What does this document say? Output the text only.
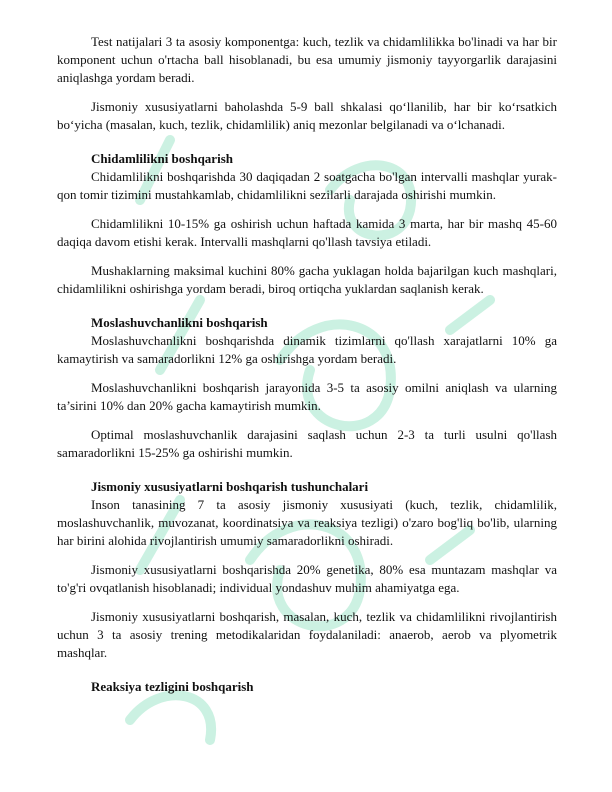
Test natijalari 3 ta asosiy komponentga: kuch, tezlik va chidamlilikka bo'linadi va har bir komponent uchun o'rtacha ball hisoblanadi, bu esa umumiy jismoniy tayyorgarlik darajasini aniqlashga yordam beradi.

Jismoniy xususiyatlarni baholashda 5-9 ball shkalasi qo‘llanilib, har bir ko‘rsatkich bo‘yicha (masalan, kuch, tezlik, chidamlilik) aniq mezonlar belgilanadi va o‘lchanadi.

Chidamlilikni boshqarish

Chidamlilikni boshqarishda 30 daqiqadan 2 soatgacha bo'lgan intervalli mashqlar yurak-qon tomir tizimini mustahkamlab, chidamlilikni sezilarli darajada oshirishi mumkin.

Chidamlilikni 10-15% ga oshirish uchun haftada kamida 3 marta, har bir mashq 45-60 daqiqa davom etishi kerak. Intervalli mashqlarni qo'llash tavsiya etiladi.

Mushaklarning maksimal kuchini 80% gacha yuklagan holda bajarilgan kuch mashqlari, chidamlilikni oshirishga yordam beradi, biroq ortiqcha yuklardan saqlanish kerak.

Moslashuvchanlikni boshqarish

Moslashuvchanlikni boshqarishda dinamik tizimlarni qo'llash xarajatlarni 10% ga kamaytirish va samaradorlikni 12% ga oshirishga yordam beradi.

Moslashuvchanlikni boshqarish jarayonida 3-5 ta asosiy omilni aniqlash va ularning ta’sirini 10% dan 20% gacha kamaytirish mumkin.

Optimal moslashuvchanlik darajasini saqlash uchun 2-3 ta turli usulni qo'llash samaradorlikni 15-25% ga oshirishi mumkin.

Jismoniy xususiyatlarni boshqarish tushunchalari

Inson tanasining 7 ta asosiy jismoniy xususiyati (kuch, tezlik, chidamlilik, moslashuvchanlik, muvozanat, koordinatsiya va reaksiya tezligi) o'zaro bog'liq bo'lib, ularning har birini alohida rivojlantirish umumiy samaradorlikni oshiradi.

Jismoniy xususiyatlarni boshqarishda 20% genetika, 80% esa muntazam mashqlar va to'g'ri ovqatlanish hisoblanadi; individual yondashuv muhim ahamiyatga ega.

Jismoniy xususiyatlarni boshqarish, masalan, kuch, tezlik va chidamlilikni rivojlantirish uchun 3 ta asosiy trening metodikalaridan foydalaniladi: anaerob, aerob va plyometrik mashqlar.

Reaksiya tezligini boshqarish
